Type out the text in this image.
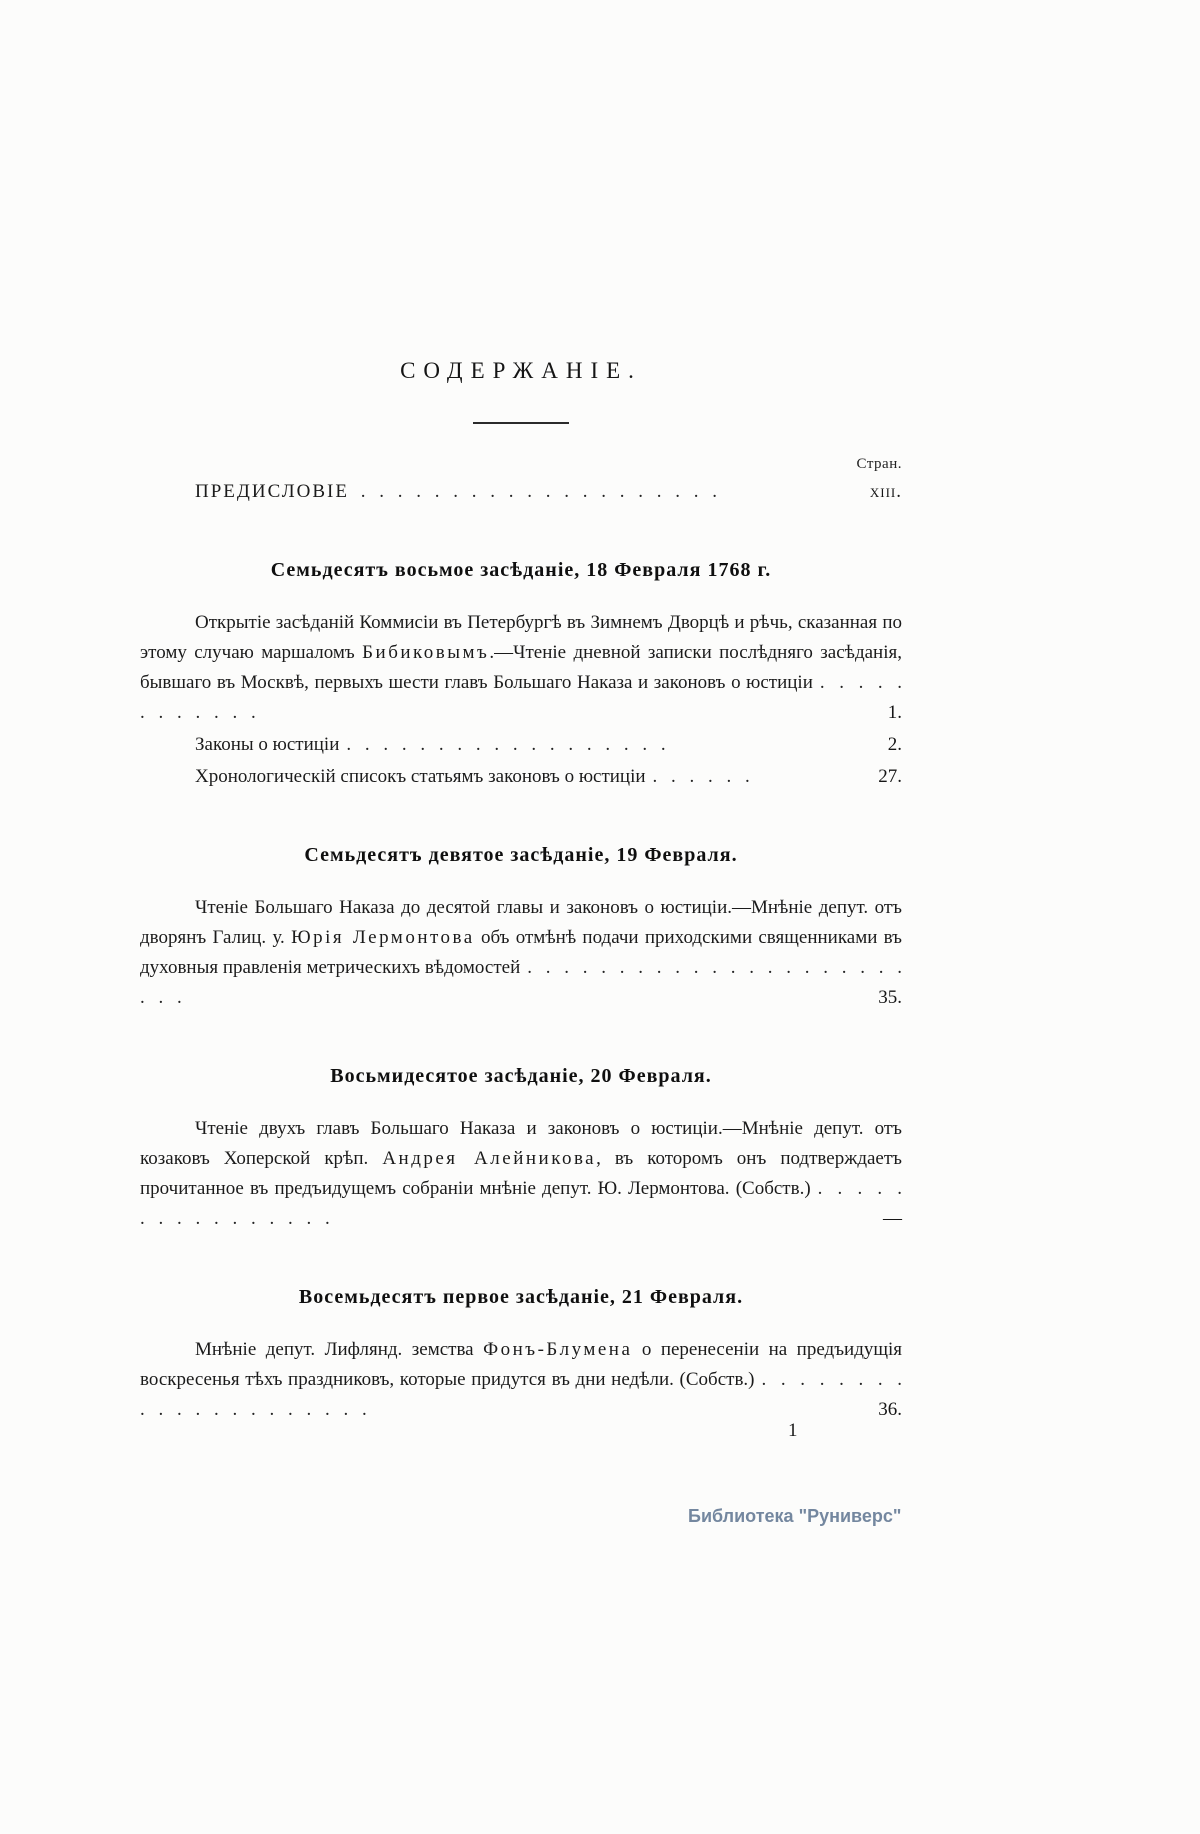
СОДЕРЖАНІЕ.
Стран.

ПРЕДИСЛОВІЕ . . . . . . . . . . . . . . . . . . . .	xiii.

Семьдесятъ восьмое засѣданіе, 18 Февраля 1768 г.

Открытіе засѣданій Коммисіи въ Петербургѣ въ Зимнемъ Дворцѣ и рѣчь, сказанная по этому случаю маршаломъ Бибиковымъ.—Чтеніе дневной записки послѣдняго засѣданія, бывшаго въ Москвѣ, первыхъ шести главъ Большаго Наказа и законовъ о юстиціи . . . . . . . . . . . .	1.

Законы о юстиціи . . . . . . . . . . . . . . . . . .	2.

Хронологическій списокъ статьямъ законовъ о юстиціи . . . . . .	27.

Семьдесятъ девятое засѣданіе, 19 Февраля.

Чтеніе Большаго Наказа до десятой главы и законовъ о юстиціи.—Мнѣніе депут. отъ дворянъ Галиц. у. Юрія Лермонтова объ отмѣнѣ подачи приходскими священниками въ духовныя правленія метрическихъ вѣдомостей . . . . . . . . . . . . . . . . . . . . . . . .	35.

Восьмидесятое засѣданіе, 20 Февраля.

Чтеніе двухъ главъ Большаго Наказа и законовъ о юстиціи.—Мнѣніе депут. отъ козаковъ Хоперской крѣп. Андрея Алейникова, въ которомъ онъ подтверждаетъ прочитанное въ предъидущемъ собраніи мнѣніе депут. Ю. Лермонтова. (Собств.) . . . . . . . . . . . . . . . .	—

Восемьдесятъ первое засѣданіе, 21 Февраля.

Мнѣніе депут. Лифлянд. земства Фонъ-Блумена о перенесеніи на предъидущія воскресенья тѣхъ праздниковъ, которые придутся въ дни недѣли. (Собств.) . . . . . . . . . . . . . . . . . . . . .	36.

1
Библиотека "Руниверс"
